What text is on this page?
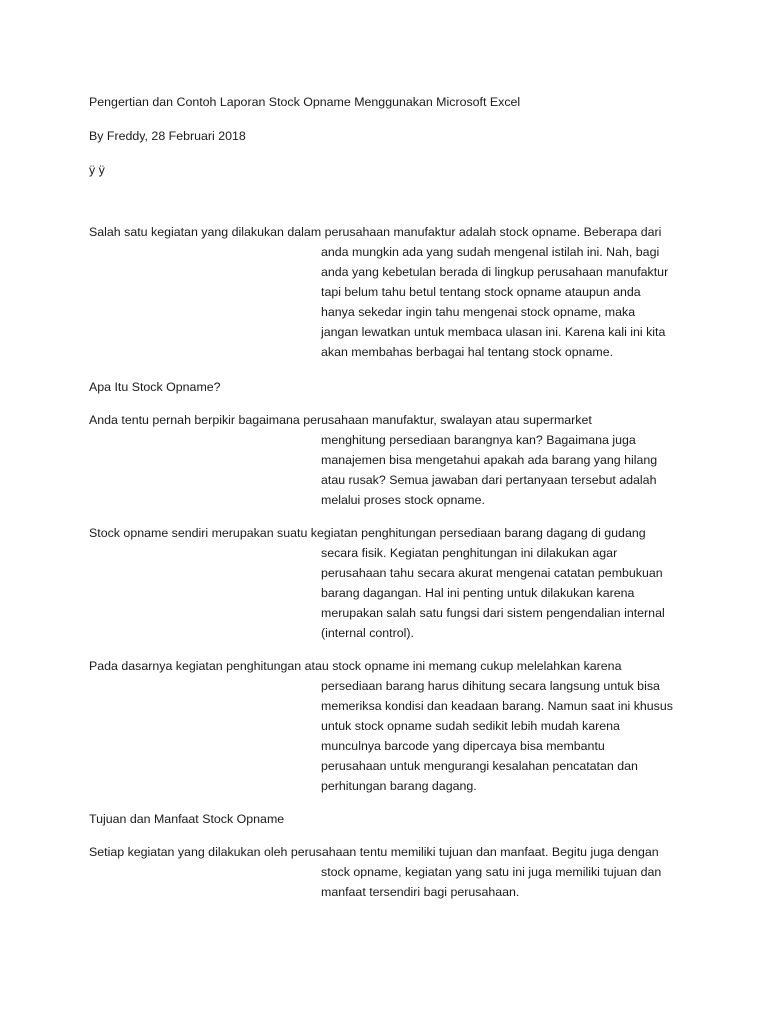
Pengertian dan Contoh Laporan Stock Opname Menggunakan Microsoft Excel

By Freddy, 28 Februari 2018

ÿ ÿ

Salah satu kegiatan yang dilakukan dalam perusahaan manufaktur adalah stock opname. Beberapa dari

anda mungkin ada yang sudah mengenal istilah ini. Nah, bagi

anda yang kebetulan berada di lingkup perusahaan manufaktur

tapi belum tahu betul tentang stock opname ataupun anda

hanya sekedar ingin tahu mengenai stock opname, maka

jangan lewatkan untuk membaca ulasan ini. Karena kali ini kita

akan membahas berbagai hal tentang stock opname.

Apa Itu Stock Opname?

Anda tentu pernah berpikir bagaimana perusahaan manufaktur, swalayan atau supermarket

menghitung persediaan barangnya kan? Bagaimana juga

manajemen bisa mengetahui apakah ada barang yang hilang

atau rusak? Semua jawaban dari pertanyaan tersebut adalah

melalui proses stock opname.

Stock opname sendiri merupakan suatu kegiatan penghitungan persediaan barang dagang di gudang

secara fisik. Kegiatan penghitungan ini dilakukan agar

perusahaan tahu secara akurat mengenai catatan pembukuan

barang dagangan. Hal ini penting untuk dilakukan karena

merupakan salah satu fungsi dari sistem pengendalian internal

(internal control).

Pada dasarnya kegiatan penghitungan atau stock opname ini memang cukup melelahkan karena

persediaan barang harus dihitung secara langsung untuk bisa

memeriksa kondisi dan keadaan barang. Namun saat ini khusus

untuk stock opname sudah sedikit lebih mudah karena

munculnya barcode yang dipercaya bisa membantu

perusahaan untuk mengurangi kesalahan pencatatan dan

perhitungan barang dagang.

Tujuan dan Manfaat Stock Opname

Setiap kegiatan yang dilakukan oleh perusahaan tentu memiliki tujuan dan manfaat. Begitu juga dengan

stock opname, kegiatan yang satu ini juga memiliki tujuan dan

manfaat tersendiri bagi perusahaan.
